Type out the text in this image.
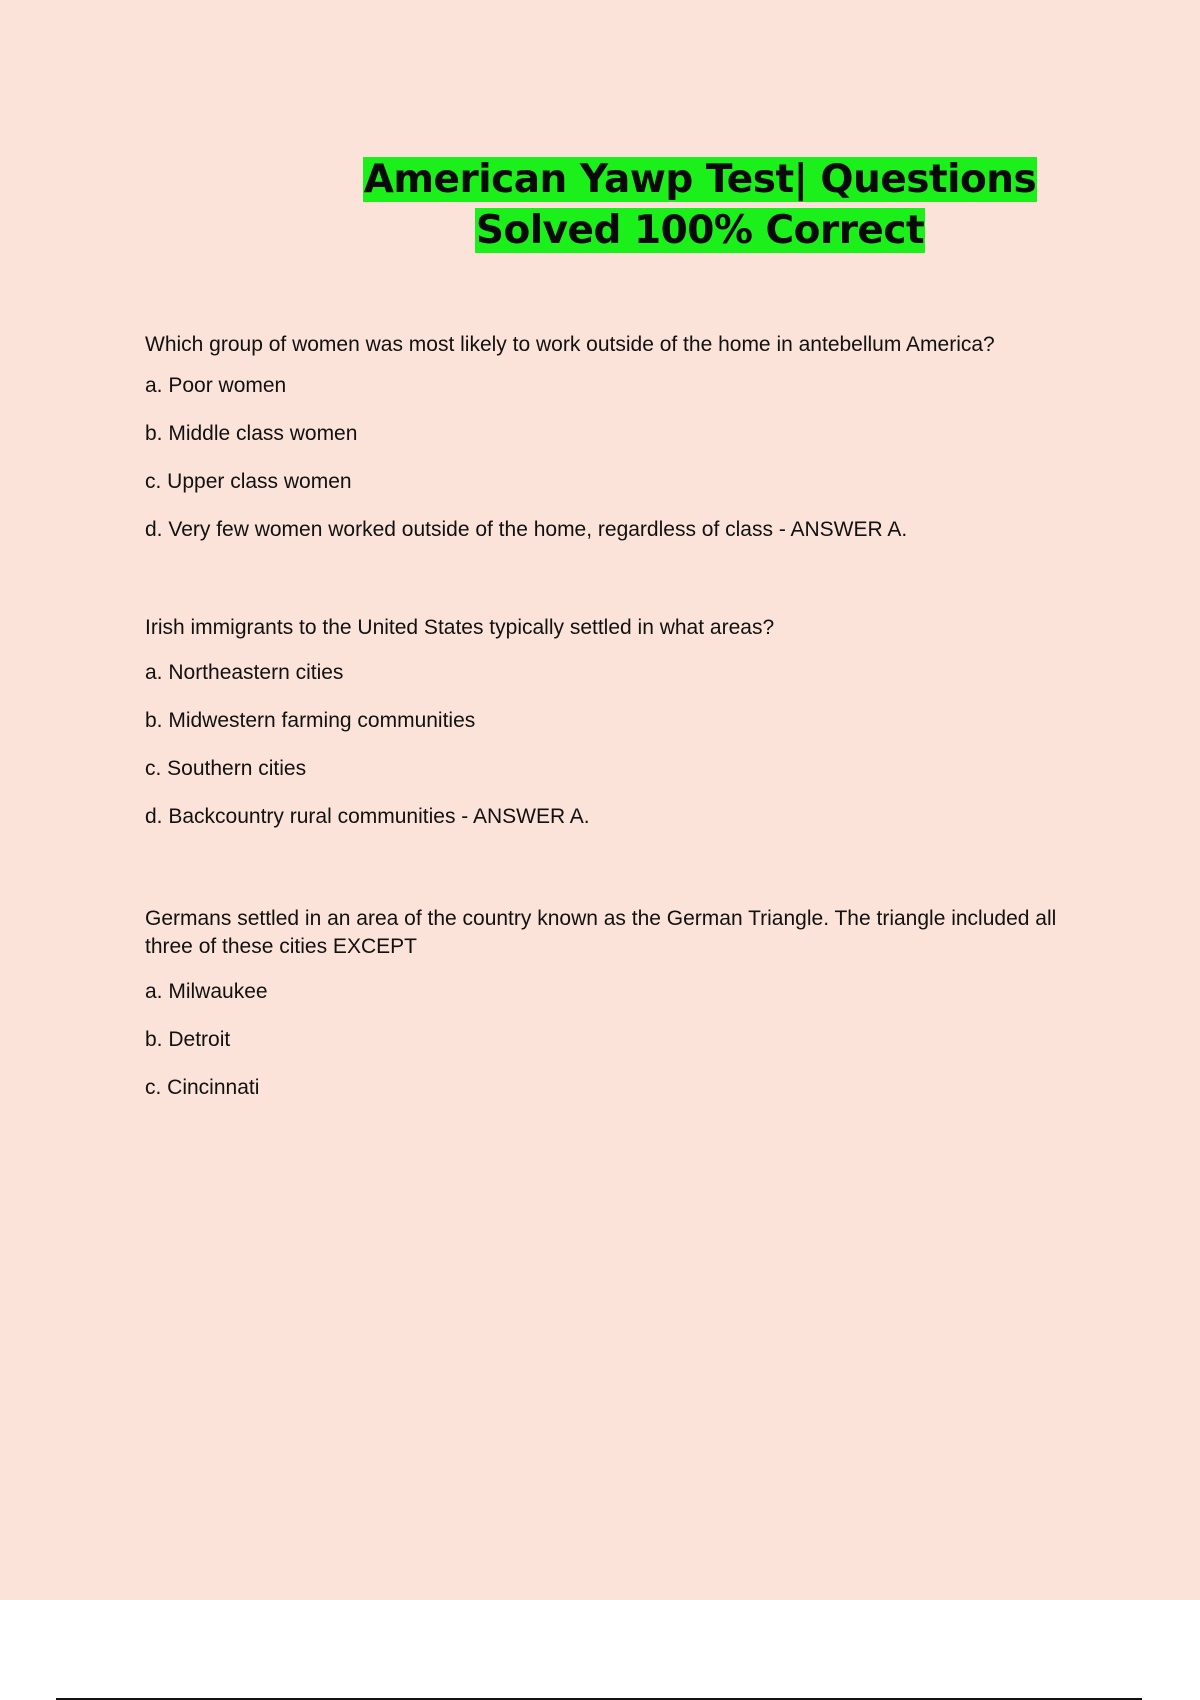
American Yawp Test| Questions Solved 100% Correct

Which group of women was most likely to work outside of the home in antebellum America?

a. Poor women
b. Middle class women
c. Upper class women
d. Very few women worked outside of the home, regardless of class - ANSWER A.

Irish immigrants to the United States typically settled in what areas?

a. Northeastern cities
b. Midwestern farming communities
c. Southern cities
d. Backcountry rural communities - ANSWER A.

Germans settled in an area of the country known as the German Triangle. The triangle included all three of these cities EXCEPT

a. Milwaukee
b. Detroit
c. Cincinnati
